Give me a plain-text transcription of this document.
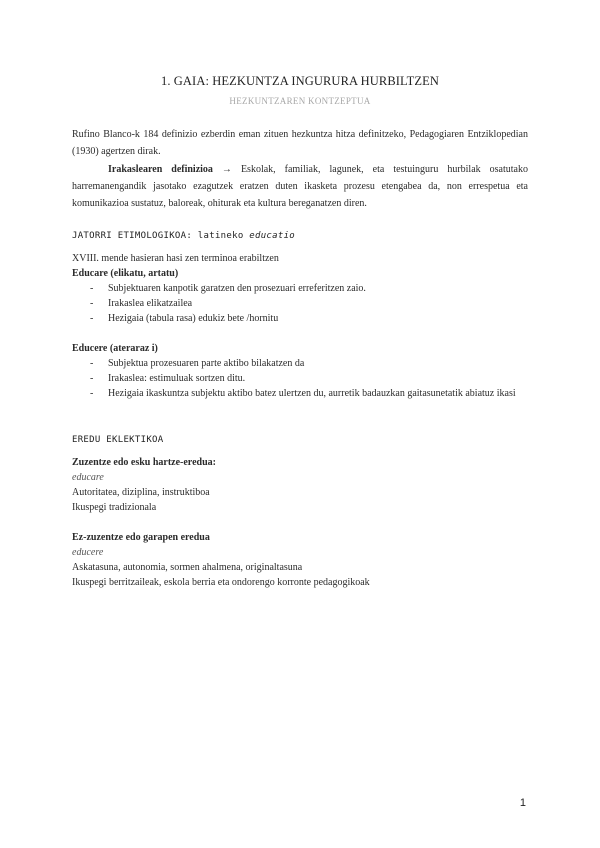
1. GAIA: HEZKUNTZA INGURURA HURBILTZEN
HEZKUNTZAREN KONTZEPTUA
Rufino Blanco-k 184 definizio ezberdin eman zituen hezkuntza hitza definitzeko, Pedagogiaren Entziklopedian (1930) agertzen dirak.
Irakaslearen definizioa → Eskolak, familiak, lagunek, eta testuinguru hurbilak osatutako harremanengandik jasotako ezagutzek eratzen duten ikasketa prozesu etengabea da, non errespetua eta komunikazioa sustatuz, baloreak, ohiturak eta kultura bereganatzen diren.
JATORRI ETIMOLOGIKOA: latineko educatio
XVIII. mende hasieran hasi zen terminoa erabiltzen
Educare (elikatu, artatu)
- Subjektuaren kanpotik garatzen den prosezuari erreferitzen zaio.
- Irakaslea elikatzailea
- Hezigaia (tabula rasa) edukiz bete /hornitu
Educere (ateraraz i)
- Subjektua prozesuaren parte aktibo bilakatzen da
- Irakaslea: estimuluak sortzen ditu.
- Hezigaia ikaskuntza subjektu aktibo batez ulertzen du, aurretik badauzkan gaitasunetatik abiatuz ikasi
EREDU EKLEKTIKOA
Zuzentze edo esku hartze-eredua:
educare
Autoritatea, diziplina, instruktiboa
Ikuspegi tradizionala
Ez-zuzentze edo garapen eredua
educere
Askatasuna, autonomia, sormen ahalmena, originaltasuna
Ikuspegi berritzaileak, eskola berria eta ondorengo korronte pedagogikoak
1
